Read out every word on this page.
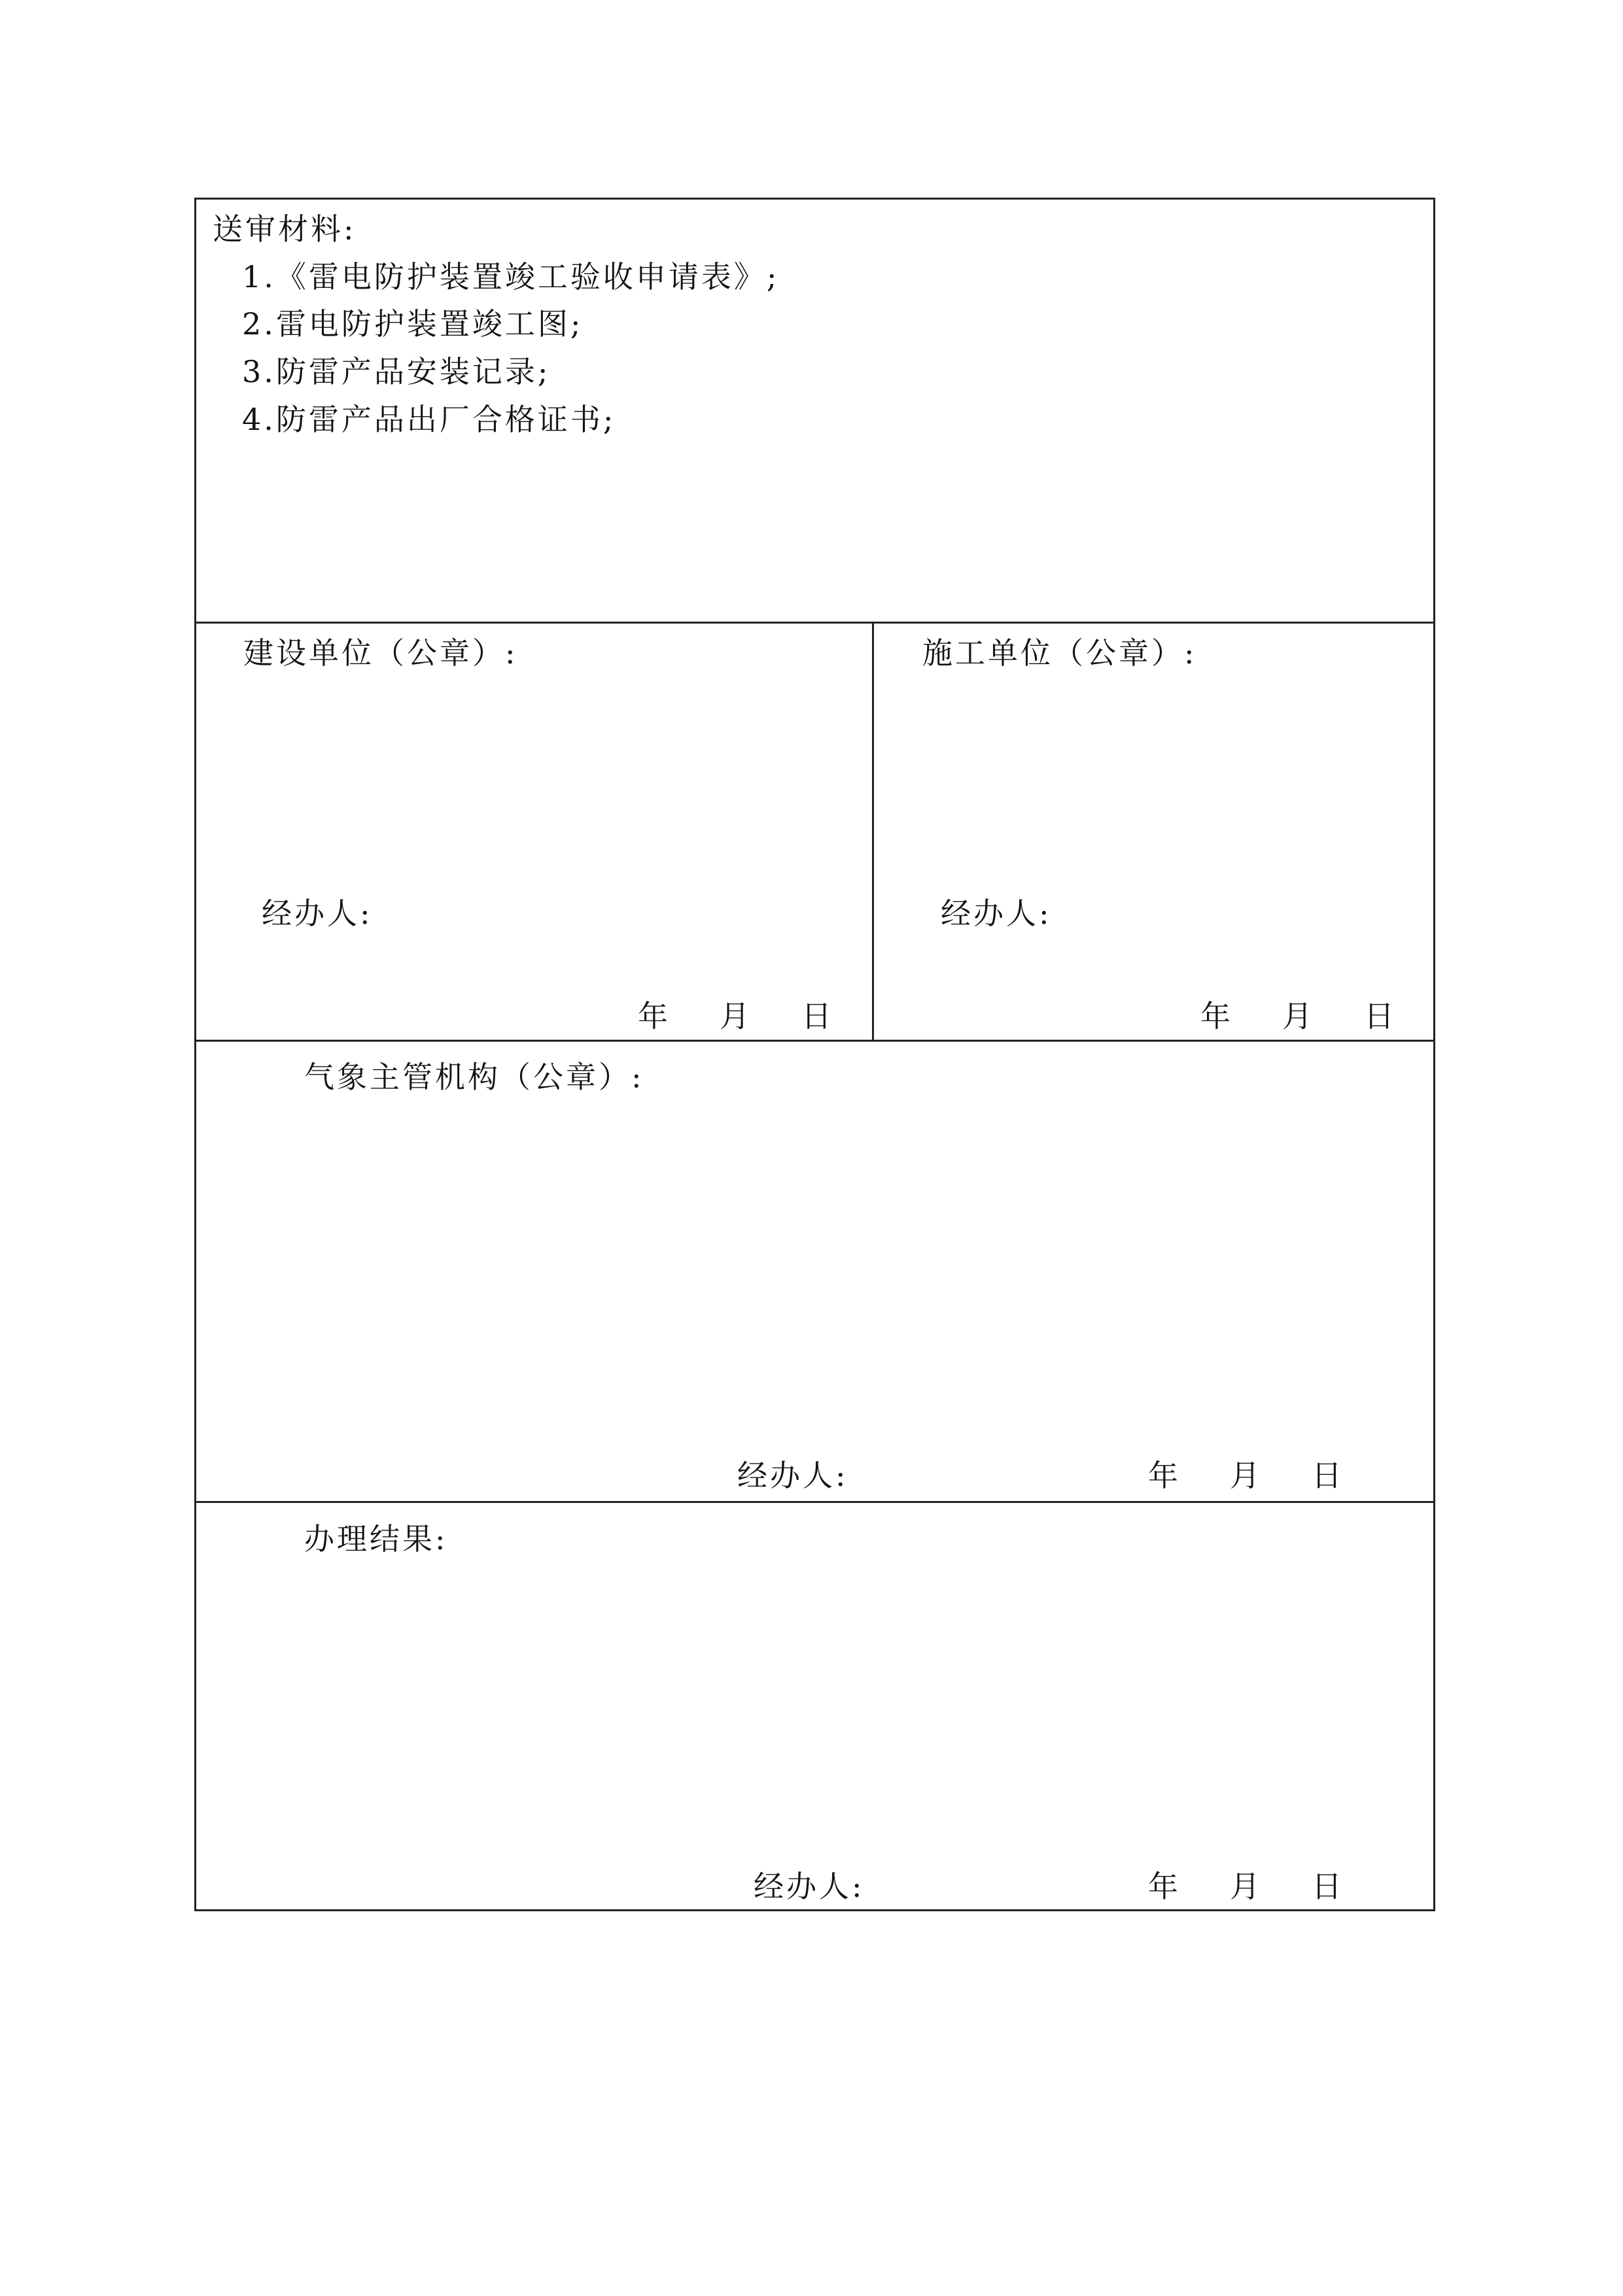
送审材料:
1.《雷电防护装置竣工验收申请表》;
2.雷电防护装置竣工图;
3.防雷产品安装记录;
4.防雷产品出厂合格证书;
建设单位（公章）:
经办人:
年 月 日
施工单位（公章）:
经办人:
年 月 日
气象主管机构（公章）:
经办人:	年 月 日
办理结果:
经办人:	年 月 日
